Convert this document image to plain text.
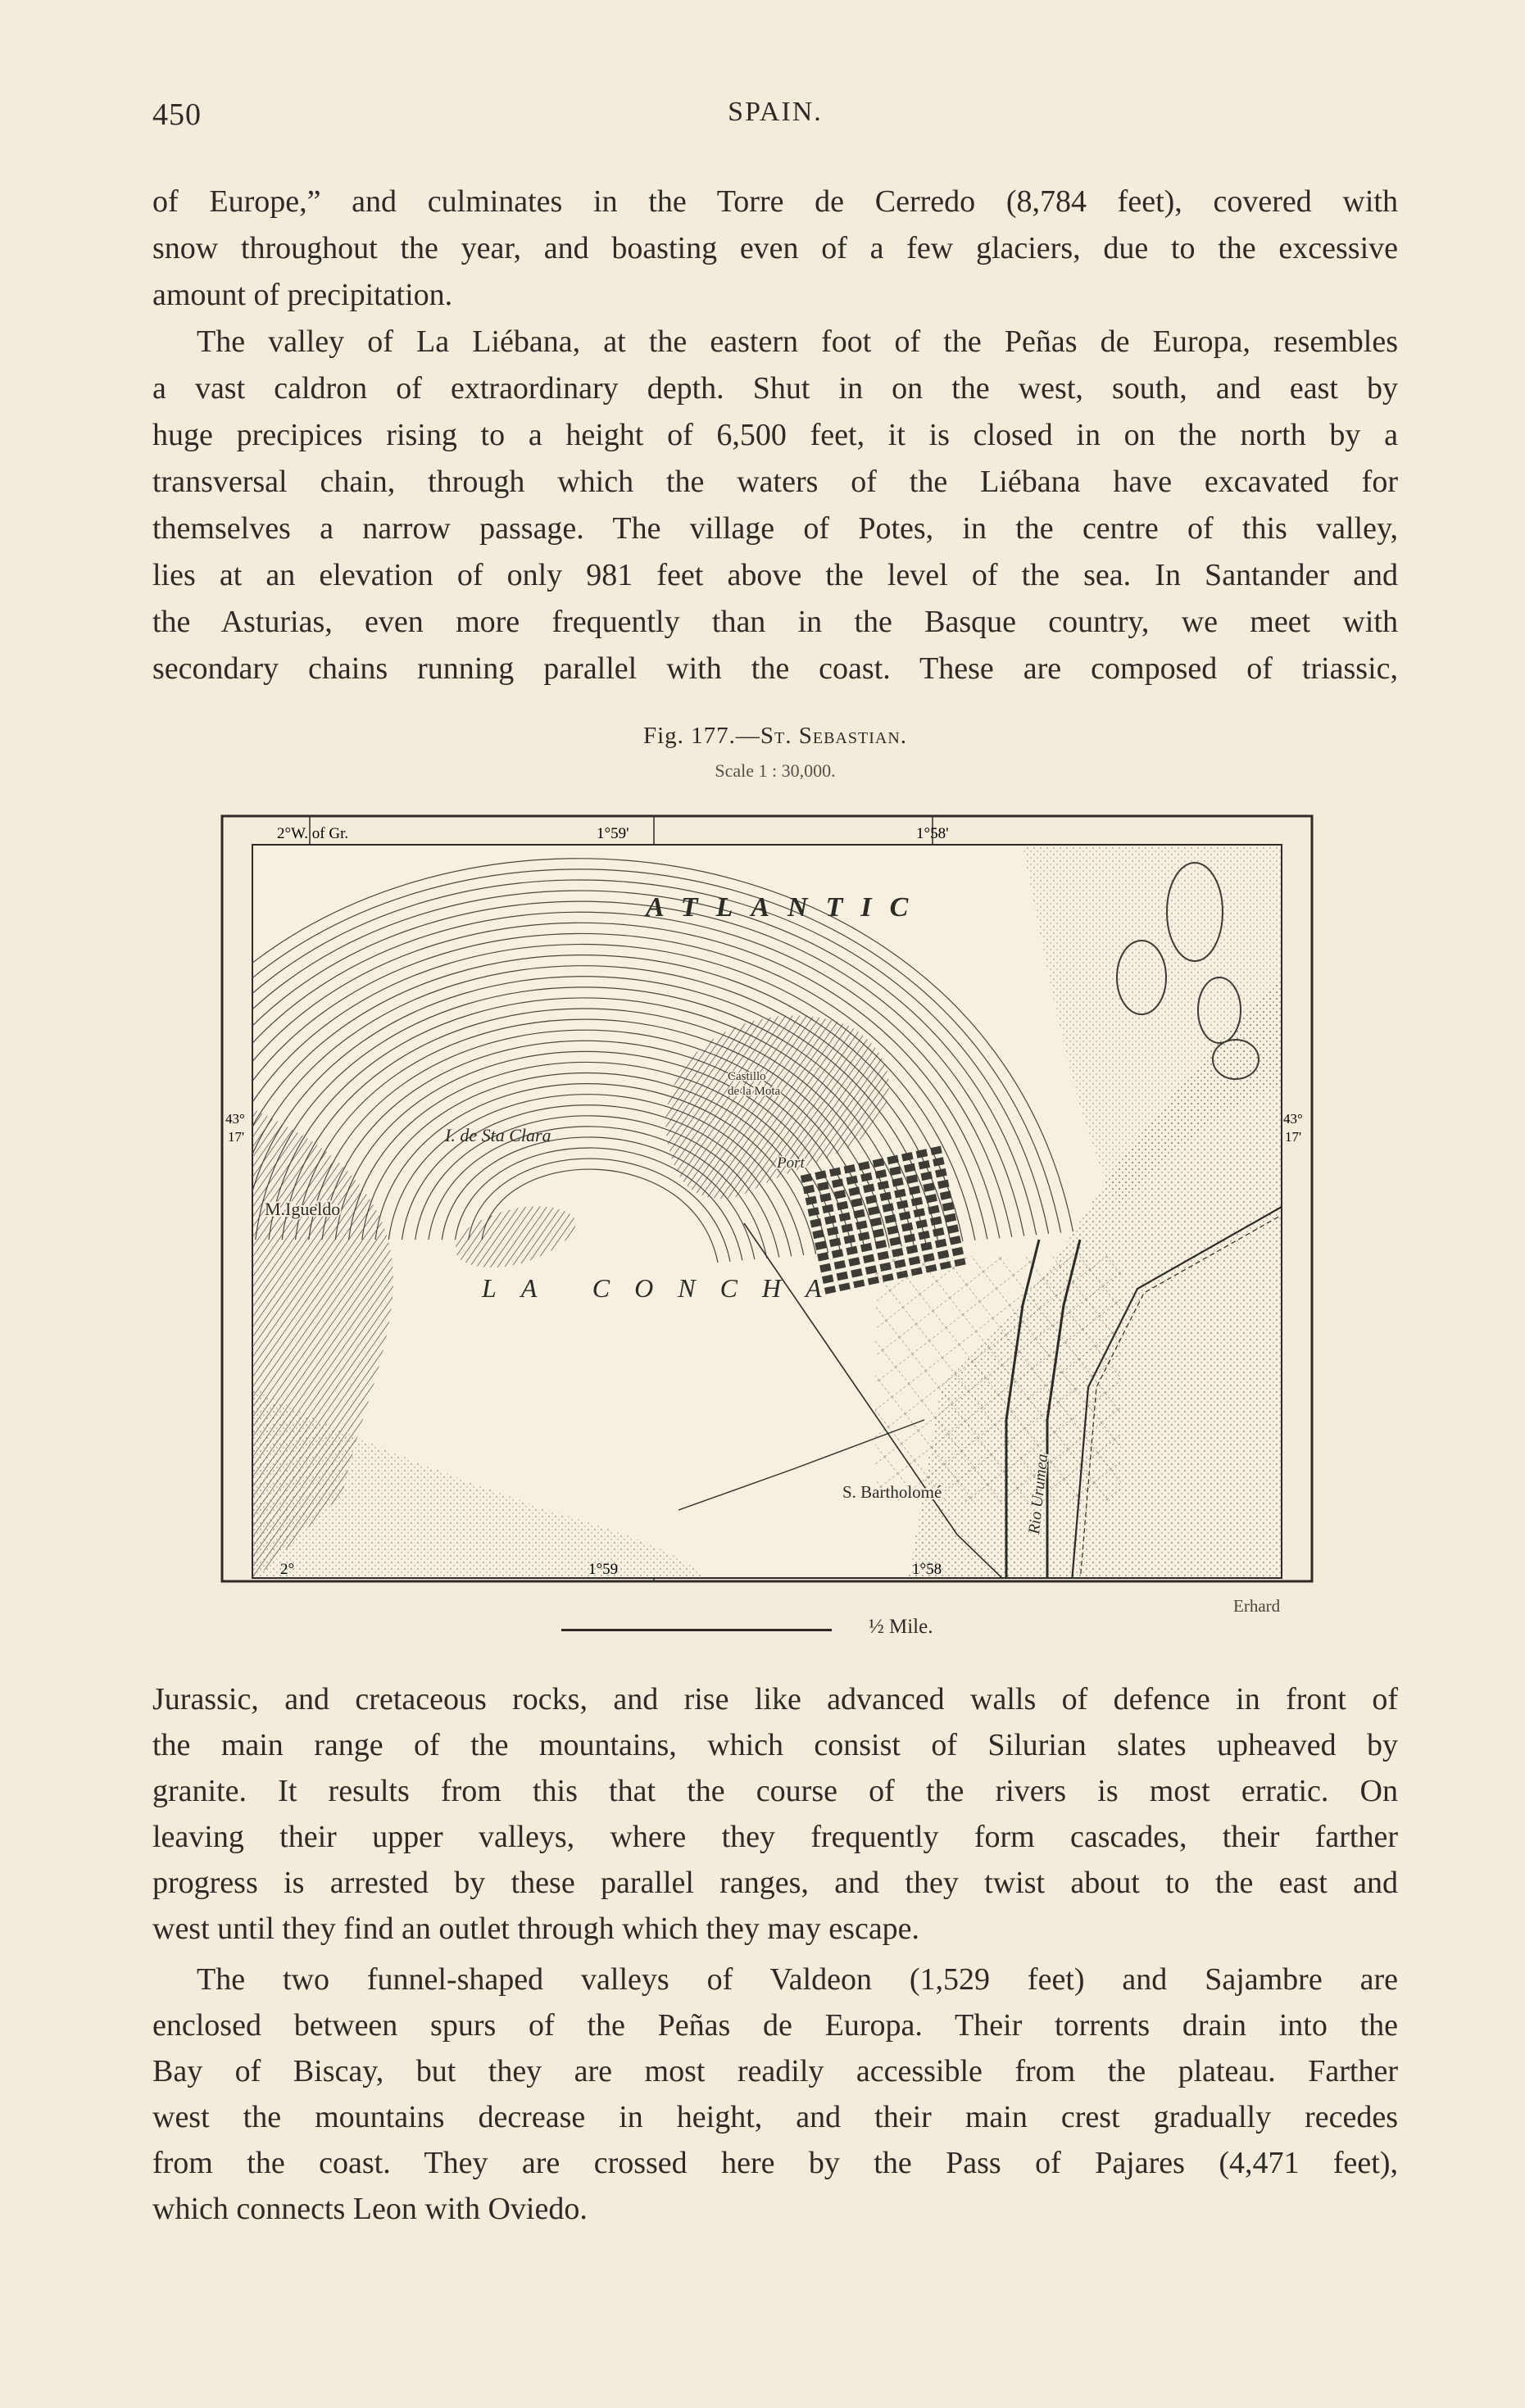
450	SPAIN.
of Europe,” and culminates in the Torre de Cerredo (8,784 feet), covered with
snow throughout the year, and boasting even of a few glaciers, due to the excessive
amount of precipitation.
The valley of La Liébana, at the eastern foot of the Peñas de Europa, resembles
a vast caldron of extraordinary depth. Shut in on the west, south, and east by
huge precipices rising to a height of 6,500 feet, it is closed in on the north by a
transversal chain, through which the waters of the Liébana have excavated for
themselves a narrow passage. The village of Potes, in the centre of this valley,
lies at an elevation of only 981 feet above the level of the sea. In Santander and
the Asturias, even more frequently than in the Basque country, we meet with
secondary chains running parallel with the coast. These are composed of triassic,
Fig. 177.—St. Sebastian.
Scale 1 : 30,000.
2°W. of Gr.	1°59'	1°58'
43°
17'
43°
17'
2°	1°59	1°58
ATLANTIC
LA CONCHA
I. de Sta Clara
M.Igueldo
Castillo
de la Mota
Port
Rio Urumea
S. Bartholomé
½ Mile.
Erhard
Jurassic, and cretaceous rocks, and rise like advanced walls of defence in front of
the main range of the mountains, which consist of Silurian slates upheaved by
granite. It results from this that the course of the rivers is most erratic. On
leaving their upper valleys, where they frequently form cascades, their farther
progress is arrested by these parallel ranges, and they twist about to the east and
west until they find an outlet through which they may escape.
The two funnel-shaped valleys of Valdeon (1,529 feet) and Sajambre are
enclosed between spurs of the Peñas de Europa. Their torrents drain into the
Bay of Biscay, but they are most readily accessible from the plateau. Farther
west the mountains decrease in height, and their main crest gradually recedes
from the coast. They are crossed here by the Pass of Pajares (4,471 feet),
which connects Leon with Oviedo.
